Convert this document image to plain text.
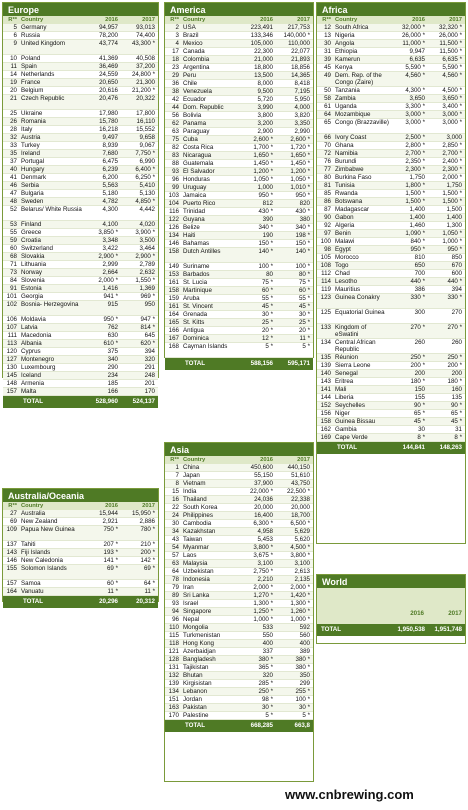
Europe
R** Country	2016	2017
5 Germany	94,957	93,013
6 Russia	78,200	74,400
9 United Kingdom	43,774	43,300 *
10 Poland	41,369	40,508
11 Spain	36,469	37,200
14 Netherlands	24,559	24,800 *
19 France	20,650	21,300
20 Belgium	20,616	21,200 *
21 Czech Republic	20,476	20,322
25 Ukraine	17,980	17,800
26 Romania	15,780	16,110
28 Italy	16,218	15,552
32 Austria	9,497	9,658
33 Turkey	8,939	9,067
35 Ireland	7,680	7,750 *
37 Portugal	6,475	6,990
40 Hungary	6,239	6,400 *
41 Denmark	6,200	6,250 *
46 Serbia	5,563	5,410
47 Bulgaria	5,180	5,130
48 Sweden	4,782	4,850 *
52 Belarus/ White Russia	4,300	4,442
53 Finland	4,100	4,020
55 Greece	3,850 *	3,900 *
59 Croatia	3,348	3,500
60 Switzerland	3,422	3,464
68 Slovakia	2,900 *	2,900 *
71 Lithuania	2,999	2,789
73 Norway	2,664	2,632
84 Slovenia	2,000 *	1,550 *
91 Estonia	1,416	1,369
101 Georgia	941 *	969 *
102 Bosnia- Herzegovina	915	950
106 Moldavia	950 *	947 *
107 Latvia	762	814 *
111 Macedonia	630	645
113 Albania	610 *	620 *
120 Cyprus	375	394
127 Montenegro	340	320
130 Luxembourg	290	291
145 Iceland	234	248
148 Armenia	185	201
157 Malta	166	170
TOTAL	528,960	524,137
Australia/Oceania
R** Country	2016	2017
27 Australia	15,944	15,950 *
69 New Zealand	2,921	2,886
109 Papua New Guinea	750 *	780 *
137 Tahiti	207 *	210 *
143 Fiji Islands	193 *	200 *
146 New Caledonia	141 *	142 *
155 Solomon Islands	69 *	69 *
157 Samoa	60 *	64 *
164 Vanuatu	11 *	11 *
TOTAL	20,296	20,312
America
R** Country	2016	2017
2 USA	223,491	217,753
3 Brazil	133,346	140,000 *
4 Mexico	105,000	110,000
17 Canada	22,300	22,077
18 Colombia	21,000	21,893
23 Argentina	18,800	18,856
29 Peru	13,500	14,365
36 Chile	8,000	8,418
38 Venezuela	9,500	7,195
42 Ecuador	5,720	5,950
44 Dom. Republic	3,990	4,000
56 Bolivia	3,800	3,820
62 Panama	3,200	3,350
63 Paraguay	2,900	2,990
75 Cuba	2,600 *	2,600 *
82 Costa Rica	1,700 *	1,720 *
83 Nicaragua	1,650 *	1,650 *
88 Guatemala	1,450 *	1,450 *
93 El Salvador	1,200 *	1,200 *
96 Honduras	1,050 *	1,050 *
99 Uruguay	1,000	1,010 *
103 Jamaica	950 *	950 *
104 Puerto Rico	812	820
116 Trinidad	430 *	430 *
122 Guyana	390	380
126 Belize	340 *	340 *
134 Haiti	190	198 *
146 Bahamas	150 *	150 *
158 Dutch Antilles	140 *	140 *
149 Suriname	100 *	100 *
153 Barbados	80	80 *
161 St. Lucia	75 *	75 *
158 Martinique	60 *	60 *
159 Aruba	55 *	55 *
161 St. Vincent	45 *	45 *
164 Grenada	30 *	30 *
165 St. Kitts	25 *	25 *
166 Antigua	20 *	20 *
167 Dominica	12 *	11 *
168 Cayman Islands	5 *	5 *
TOTAL	588,156	595,171
Asia
R** Country	2016	2017
1 China	450,600	440,150
7 Japan	55,150	51,610
8 Vietnam	37,900	43,750
15 India	22,000 *	22,500 *
16 Thailand	24,036	22,338
22 South Korea	20,000	20,000
24 Philippines	16,400	18,700
30 Cambodia	6,300 *	6,500 *
34 Kazakhstan	4,958	5,629
43 Taiwan	5,453	5,620
54 Myanmar	3,800 *	4,500 *
57 Laos	3,675 *	3,800 *
63 Malaysia	3,100	3,100
64 Uzbekistan	2,750 *	2,613
78 Indonesia	2,210	2,135
79 Iran	2,000 *	2,000 *
89 Sri Lanka	1,270 *	1,420 *
93 Israel	1,300 *	1,300 *
94 Singapore	1,250 *	1,260 *
96 Nepal	1,000 *	1,000 *
110 Mongolia	533	592
115 Turkmenistan	550	560
118 Hong Kong	400	400
121 Azerbaidjan	337	389
128 Bangladesh	380 *	380 *
131 Tajikistan	365 *	380 *
132 Bhutan	320	350
139 Kirgisistan	285 *	299
134 Lebanon	250 *	255 *
151 Jordan	98 *	100 *
163 Pakistan	30 *	30 *
170 Palestine	5 *	5 *
TOTAL	668,285	663,8
Africa
R** Country	2016	2017
12 South Africa	32,000 *	32,320 *
13 Nigeria	26,000 *	26,000 *
30 Angola	11,000 *	11,500 *
31 Ethiopia	9,947	11,500 *
39 Kamerun	6,635	6,635 *
45 Kenya	5,590 *	5,590 *
49 Dem. Rep. of the Congo (Zaire)
4,560 *	4,560 *
50 Tanzania	4,300 *	4,500 *
58 Zambia	3,650	3,650 *
61 Uganda	3,300 *	3,400 *
64 Mozambique	3,000 *	3,000 *
65 Congo (Brazzaville)	3,000 *	3,000 *
66 Ivory Coast	2,500 *	3,000
70 Ghana	2,800 *	2,850 *
72 Namibia	2,700 *	2,700 *
76 Burundi	2,350 *	2,400 *
77 Zimbabwe	2,300 *	2,300 *
80 Burkina Faso	1,750	2,000 *
81 Tunisia	1,800 *	1,750
85 Rwanda	1,500 *	1,500 *
86 Botswana	1,500 *	1,500 *
87 Madagascar	1,400	1,500
90 Gabon	1,400	1,400
92 Algeria	1,460	1,300
97 Benin	1,090 *	1,050 *
100 Malawi	840 *	1,000 *
98 Egypt	950 *	950 *
105 Morocco	810	850
108 Togo	650	670
112 Chad	700	600
114 Lesotho	440 *	440 *
119 Mauritius	386	394
123 Guinea Conakry	330 *	330 *
125 Equatorial Guinea	300	270
133 Kingdom of eSwatini
270 *	270 *
134 Central African Republic
260	260
135 Réunion	250 *	250 *
139 Sierra Leone	200 *	200 *
140 Senegal	200	200
143 Eritrea	180 *	180 *
141 Mali	150	160
144 Liberia	155	135
152 Seychelles	90 *	90 *
156 Niger	65 *	65 *
158 Guinea Bissau	45 *	45 *
162 Gambia	30	31
169 Cape Verde	8 *	8 *
TOTAL	144,841	148,263
World
2016	2017
TOTAL	1,950,538	1,951,748
www.cnbrewing.com
